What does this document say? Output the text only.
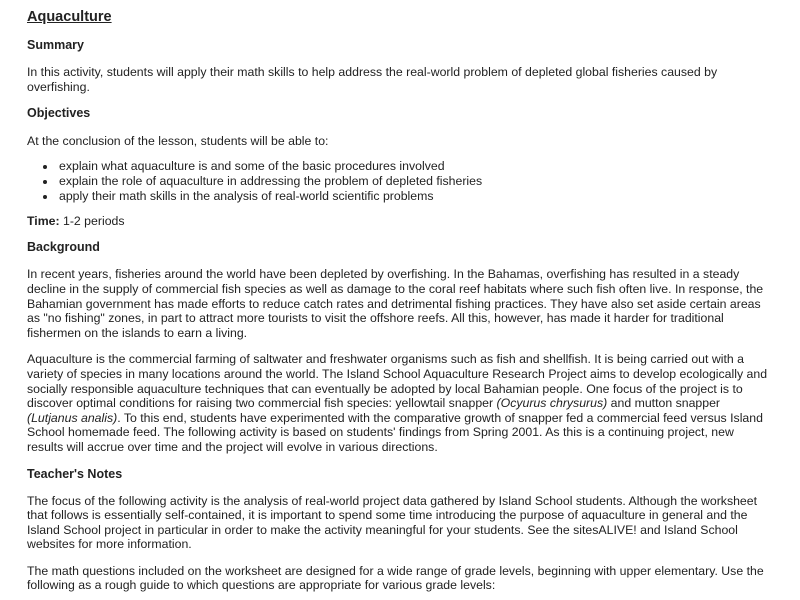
Aquaculture
Summary

In this activity, students will apply their math skills to help address the real-world problem of depleted global fisheries caused by overfishing.

Objectives

At the conclusion of the lesson, students will be able to:

• explain what aquaculture is and some of the basic procedures involved
• explain the role of aquaculture in addressing the problem of depleted fisheries
• apply their math skills in the analysis of real-world scientific problems

Time: 1-2 periods

Background

In recent years, fisheries around the world have been depleted by overfishing. In the Bahamas, overfishing has resulted in a steady decline in the supply of commercial fish species as well as damage to the coral reef habitats where such fish often live. In response, the Bahamian government has made efforts to reduce catch rates and detrimental fishing practices. They have also set aside certain areas as "no fishing" zones, in part to attract more tourists to visit the offshore reefs. All this, however, has made it harder for traditional fishermen on the islands to earn a living.

Aquaculture is the commercial farming of saltwater and freshwater organisms such as fish and shellfish. It is being carried out with a variety of species in many locations around the world. The Island School Aquaculture Research Project aims to develop ecologically and socially responsible aquaculture techniques that can eventually be adopted by local Bahamian people. One focus of the project is to discover optimal conditions for raising two commercial fish species: yellowtail snapper (Ocyurus chrysurus) and mutton snapper (Lutjanus analis). To this end, students have experimented with the comparative growth of snapper fed a commercial feed versus Island School homemade feed. The following activity is based on students' findings from Spring 2001. As this is a continuing project, new results will accrue over time and the project will evolve in various directions.

Teacher's Notes

The focus of the following activity is the analysis of real-world project data gathered by Island School students. Although the worksheet that follows is essentially self-contained, it is important to spend some time introducing the purpose of aquaculture in general and the Island School project in particular in order to make the activity meaningful for your students. See the sitesALIVE! and Island School websites for more information.

The math questions included on the worksheet are designed for a wide range of grade levels, beginning with upper elementary. Use the following as a rough guide to which questions are appropriate for various grade levels:
